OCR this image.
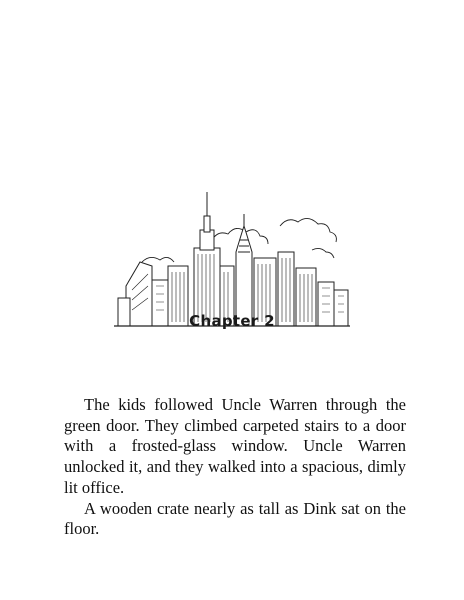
Chapter 2

The kids followed Uncle Warren through the green door. They climbed carpeted stairs to a door with a frosted-glass window. Uncle Warren unlocked it, and they walked into a spacious, dimly lit office.

A wooden crate nearly as tall as Dink sat on the floor.
